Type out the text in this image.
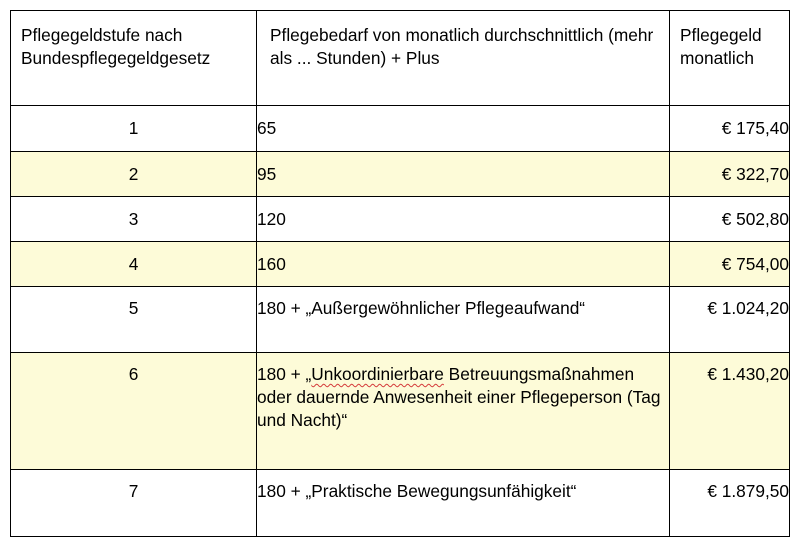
Pflegegeldstufe nach Bundespflegegeldgesetz	Pflegebedarf von monatlich durchschnittlich (mehr als ... Stunden) + Plus	Pflegegeld monatlich

1	65	€ 175,40

2	95	€ 322,70

3	120	€ 502,80

4	160	€ 754,00

5	180 + „Außergewöhnlicher Pflegeaufwand“	€ 1.024,20

6	180 + „Unkoordinierbare Betreuungsmaßnahmen oder dauernde Anwesenheit einer Pflegeperson (Tag und Nacht)“	€ 1.430,20

7	180 + „Praktische Bewegungsunfähigkeit“	€ 1.879,50
